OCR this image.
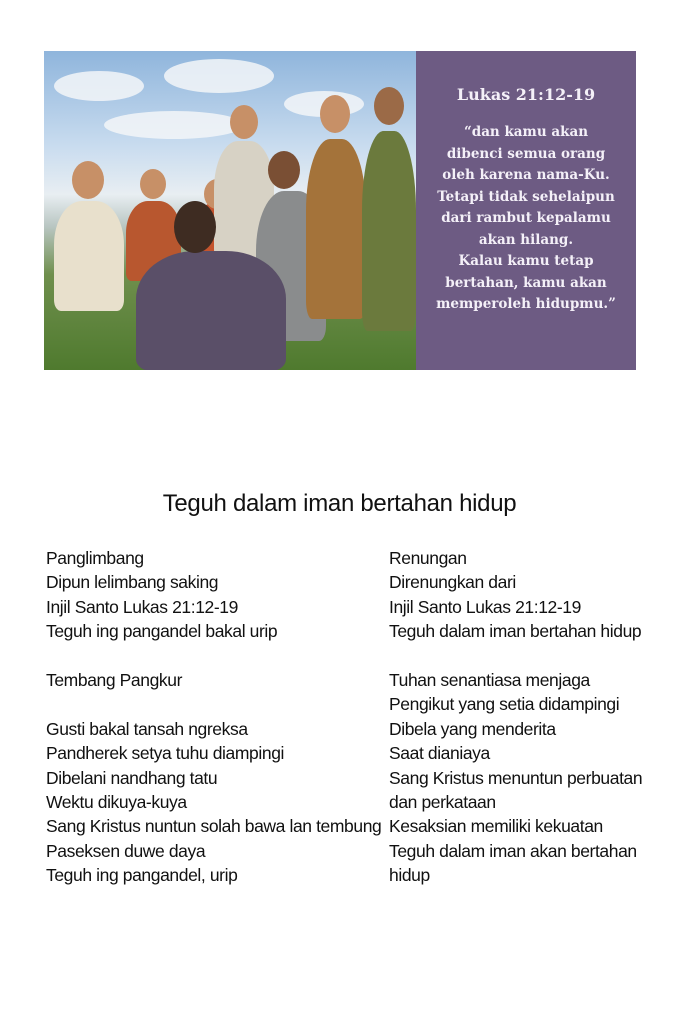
Lukas 21:12-19
“dan kamu akan
dibenci semua orang
oleh karena nama-Ku.
Tetapi tidak sehelaipun
dari rambut kepalamu
akan hilang.
Kalau kamu tetap
bertahan, kamu akan
memperoleh hidupmu.”
Teguh dalam iman bertahan hidup
Panglimbang
Dipun lelimbang saking
Injil Santo Lukas 21:12-19
Teguh ing pangandel bakal urip
Tembang Pangkur
Gusti bakal tansah ngreksa
Pandherek setya tuhu diampingi
Dibelani nandhang tatu
Wektu dikuya-kuya
Sang Kristus nuntun solah bawa lan tembung
Paseksen duwe daya
Teguh ing pangandel, urip
Renungan
Direnungkan dari
Injil Santo Lukas 21:12-19
Teguh dalam iman bertahan hidup
Tuhan senantiasa menjaga
Pengikut yang setia didampingi
Dibela yang menderita
Saat dianiaya
Sang Kristus menuntun perbuatan
dan perkataan
Kesaksian memiliki kekuatan
Teguh dalam iman akan bertahan
hidup
